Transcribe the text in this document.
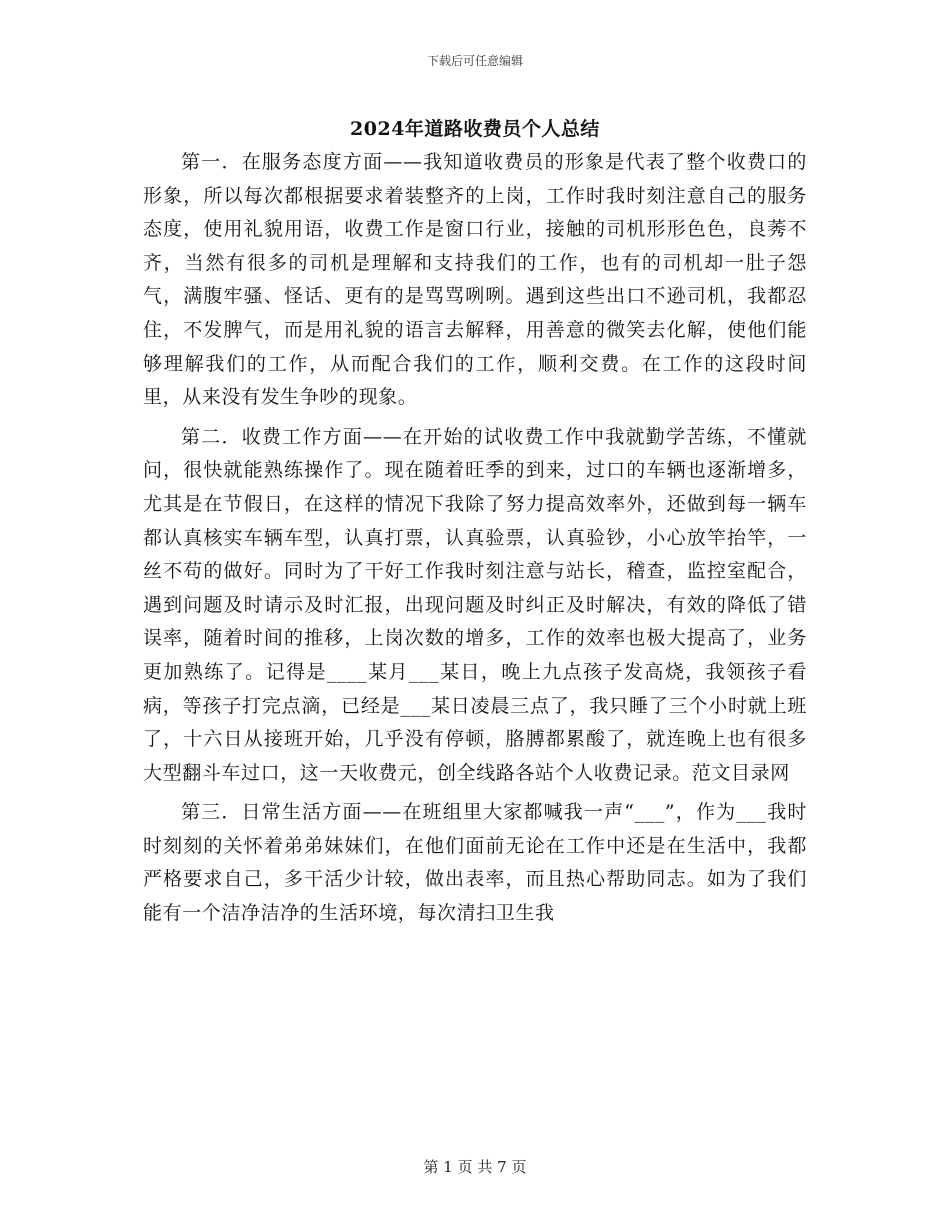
下载后可任意编辑
2024年道路收费员个人总结

第一．在服务态度方面——我知道收费员的形象是代表了整个收费口的形象，所以每次都根据要求着装整齐的上岗，工作时我时刻注意自己的服务态度，使用礼貌用语，收费工作是窗口行业，接触的司机形形色色，良莠不齐，当然有很多的司机是理解和支持我们的工作，也有的司机却一肚子怨气，满腹牢骚、怪话、更有的是骂骂咧咧。遇到这些出口不逊司机，我都忍住，不发脾气，而是用礼貌的语言去解释，用善意的微笑去化解，使他们能够理解我们的工作，从而配合我们的工作，顺利交费。在工作的这段时间里，从来没有发生争吵的现象。

第二．收费工作方面——在开始的试收费工作中我就勤学苦练，不懂就问，很快就能熟练操作了。现在随着旺季的到来，过口的车辆也逐渐增多，尤其是在节假日，在这样的情况下我除了努力提高效率外，还做到每一辆车都认真核实车辆车型，认真打票，认真验票，认真验钞，小心放竿抬竿，一丝不苟的做好。同时为了干好工作我时刻注意与站长，稽查，监控室配合，遇到问题及时请示及时汇报，出现问题及时纠正及时解决，有效的降低了错误率，随着时间的推移，上岗次数的增多，工作的效率也极大提高了，业务更加熟练了。记得是____某月___某日，晚上九点孩子发高烧，我领孩子看病，等孩子打完点滴，已经是___某日凌晨三点了，我只睡了三个小时就上班了，十六日从接班开始，几乎没有停顿，胳膊都累酸了，就连晚上也有很多大型翻斗车过口，这一天收费元，创全线路各站个人收费记录。范文目录网

第三．日常生活方面——在班组里大家都喊我一声“___”，作为___我时时刻刻的关怀着弟弟妹妹们，在他们面前无论在工作中还是在生活中，我都严格要求自己，多干活少计较，做出表率，而且热心帮助同志。如为了我们能有一个洁净洁净的生活环境，每次清扫卫生我

第 1 页 共 7 页
